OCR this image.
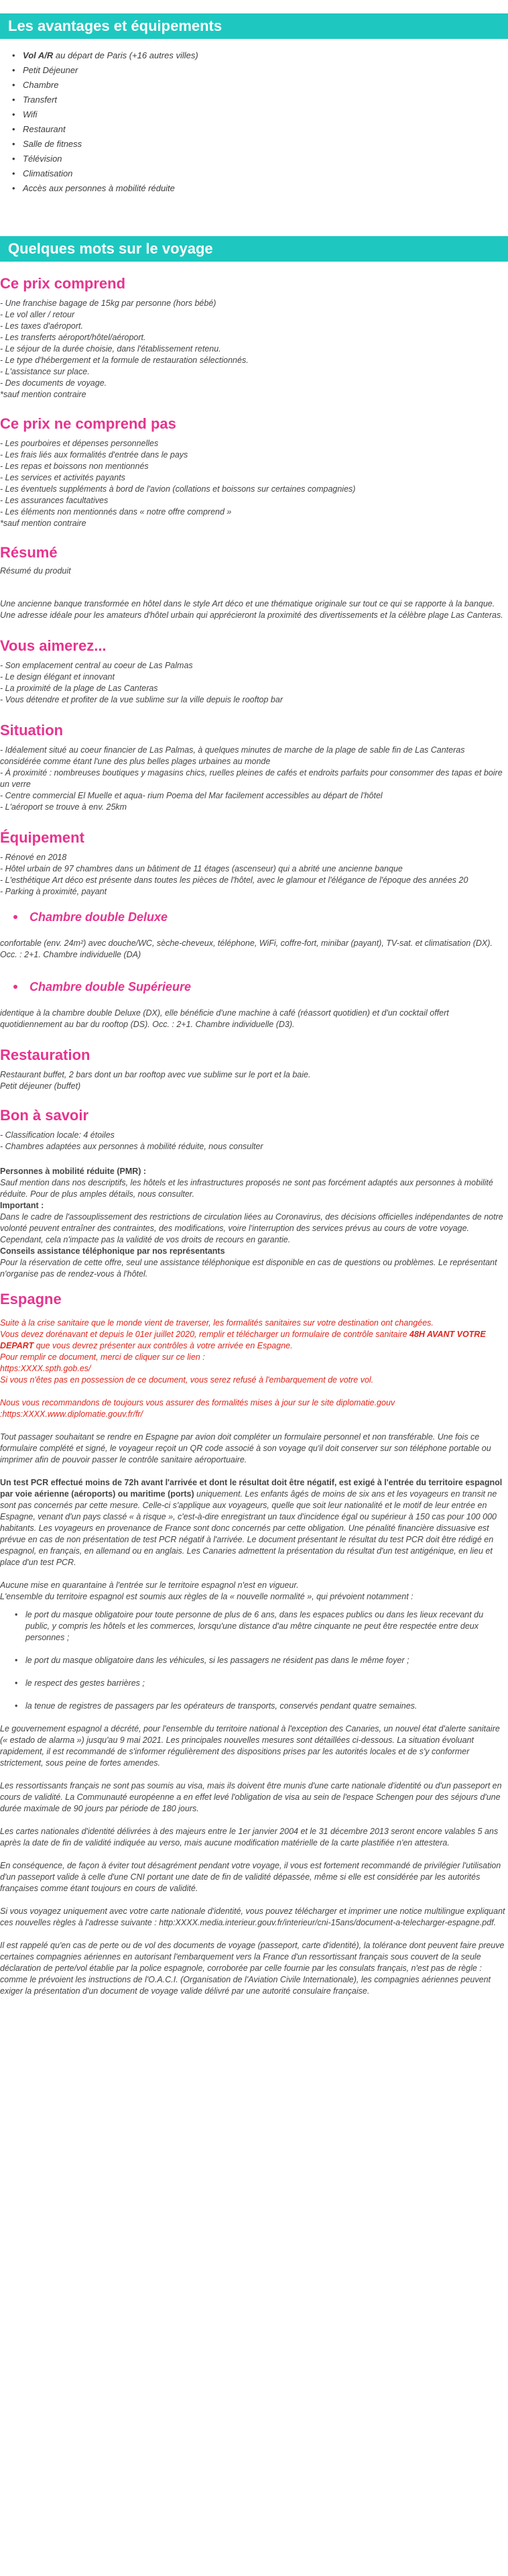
Les avantages et équipements
• Vol A/R au départ de Paris (+16 autres villes)
• Petit Déjeuner
• Chambre
• Transfert
• Wifi
• Restaurant
• Salle de fitness
• Télévision
• Climatisation
• Accès aux personnes à mobilité réduite
Quelques mots sur le voyage
Ce prix comprend
- Une franchise bagage de 15kg par personne (hors bébé)
- Le vol aller / retour
- Les taxes d'aéroport.
- Les transferts aéroport/hôtel/aéroport.
- Le séjour de la durée choisie, dans l'établissement retenu.
- Le type d'hébergement et la formule de restauration sélectionnés.
- L'assistance sur place.
- Des documents de voyage.
*sauf mention contraire
Ce prix ne comprend pas
- Les pourboires et dépenses personnelles
- Les frais liés aux formalités d'entrée dans le pays
- Les repas et boissons non mentionnés
- Les services et activités payants
- Les éventuels suppléments à bord de l'avion (collations et boissons sur certaines compagnies)
- Les assurances facultatives
- Les éléments non mentionnés dans « notre offre comprend »
*sauf mention contraire
Résumé
Résumé du produit

Une ancienne banque transformée en hôtel dans le style Art déco et une thématique originale sur tout ce qui se rapporte à la banque. Une adresse idéale pour les amateurs d'hôtel urbain qui apprécieront la proximité des divertissements et la célèbre plage Las Canteras.

Vous aimerez...
- Son emplacement central au coeur de Las Palmas
- Le design élégant et innovant
- La proximité de la plage de Las Canteras
- Vous détendre et profiter de la vue sublime sur la ville depuis le rooftop bar
Situation
- Idéalement situé au coeur financier de Las Palmas, à quelques minutes de marche de la plage de sable fin de Las Canteras considérée comme étant l'une des plus belles plages urbaines au monde
- À proximité : nombreuses boutiques y magasins chics, ruelles pleines de cafés et endroits parfaits pour consommer des tapas et boire un verre
- Centre commercial El Muelle et aqua- rium Poema del Mar facilement accessibles au départ de l'hôtel
- L'aéroport se trouve à env. 25km
Équipement
- Rénové en 2018
- Hôtel urbain de 97 chambres dans un bâtiment de 11 étages (ascenseur) qui a abrité une ancienne banque
- L'esthétique Art déco est présente dans toutes les pièces de l'hôtel, avec le glamour et l'élégance de l'époque des années 20
- Parking à proximité, payant
Chambre double Deluxe

confortable (env. 24m²) avec douche/WC, sèche-cheveux, téléphone, WiFi, coffre-fort, minibar (payant), TV-sat. et climatisation (DX). Occ. : 2+1. Chambre individuelle (DA)

Chambre double Supérieure

identique à la chambre double Deluxe (DX), elle bénéficie d'une machine à café (réassort quotidien) et d'un cocktail offert quotidiennement au bar du rooftop (DS). Occ. : 2+1. Chambre individuelle (D3).

Restauration
Restaurant buffet, 2 bars dont un bar rooftop avec vue sublime sur le port et la baie.
Petit déjeuner (buffet)
Bon à savoir
- Classification locale: 4 étoiles
- Chambres adaptées aux personnes à mobilité réduite, nous consulter
Personnes à mobilité réduite (PMR) :

Sauf mention dans nos descriptifs, les hôtels et les infrastructures proposés ne sont pas forcément adaptés aux personnes à mobilité réduite. Pour de plus amples détails, nous consulter.

Important :

Dans le cadre de l'assouplissement des restrictions de circulation liées au Coronavirus, des décisions officielles indépendantes de notre volonté peuvent entraîner des contraintes, des modifications, voire l'interruption des services prévus au cours de votre voyage.

Cependant, cela n'impacte pas la validité de vos droits de recours en garantie.

Conseils assistance téléphonique par nos représentants

Pour la réservation de cette offre, seul une assistance téléphonique est disponible en cas de questions ou problèmes. Le représentant n'organise pas de rendez-vous à l'hôtel.

Espagne

Suite à la crise sanitaire que le monde vient de traverser, les formalités sanitaires sur votre destination ont changées.

Vous devez dorénavant et depuis le 01er juillet 2020, remplir et télécharger un formulaire de contrôle sanitaire 48H AVANT VOTRE DEPART que vous devrez présenter aux contrôles à votre arrivée en Espagne.

Pour remplir ce document, merci de cliquer sur ce lien :

https:XXXX.spth.gob.es/

Si vous n'êtes pas en possession de ce document, vous serez refusé à l'embarquement de votre vol.

Nous vous recommandons de toujours vous assurer des formalités mises à jour sur le site diplomatie.gouv :https:XXXX.www.diplomatie.gouv.fr/fr/

Tout passager souhaitant se rendre en Espagne par avion doit compléter un formulaire personnel et non transférable. Une fois ce formulaire complété et signé, le voyageur reçoit un QR code associé à son voyage qu'il doit conserver sur son téléphone portable ou imprimer afin de pouvoir passer le contrôle sanitaire aéroportuaire.

Un test PCR effectué moins de 72h avant l'arrivée et dont le résultat doit être négatif, est exigé à l'entrée du territoire espagnol par voie aérienne (aéroports) ou maritime (ports) uniquement. Les enfants âgés de moins de six ans et les voyageurs en transit ne sont pas concernés par cette mesure. Celle-ci s'applique aux voyageurs, quelle que soit leur nationalité et le motif de leur entrée en Espagne, venant d'un pays classé « à risque », c'est-à-dire enregistrant un taux d'incidence égal ou supérieur à 150 cas pour 100 000 habitants. Les voyageurs en provenance de France sont donc concernés par cette obligation. Une pénalité financière dissuasive est prévue en cas de non présentation de test PCR négatif à l'arrivée. Le document présentant le résultat du test PCR doit être rédigé en espagnol, en français, en allemand ou en anglais. Les Canaries admettent la présentation du résultat d'un test antigénique, en lieu et place d'un test PCR.

Aucune mise en quarantaine à l'entrée sur le territoire espagnol n'est en vigueur.

L'ensemble du territoire espagnol est soumis aux règles de la « nouvelle normalité », qui prévoient notamment :

• le port du masque obligatoire pour toute personne de plus de 6 ans, dans les espaces publics ou dans les lieux recevant du public, y compris les hôtels et les commerces, lorsqu'une distance d'au mêtre cinquante ne peut être respectée entre deux personnes ;
• le port du masque obligatoire dans les véhicules, si les passagers ne résident pas dans le même foyer ;
• le respect des gestes barrières ;
• la tenue de registres de passagers par les opérateurs de transports, conservés pendant quatre semaines.

Le gouvernement espagnol a décrété, pour l'ensemble du territoire national à l'exception des Canaries, un nouvel état d'alerte sanitaire (« estado de alarma ») jusqu'au 9 mai 2021. Les principales nouvelles mesures sont détaillées ci-dessous. La situation évoluant rapidement, il est recommandé de s'informer régulièrement des dispositions prises par les autorités locales et de s'y conformer strictement, sous peine de fortes amendes.

Les ressortissants français ne sont pas soumis au visa, mais ils doivent être munis d'une carte nationale d'identité ou d'un passeport en cours de validité. La Communauté européenne a en effet levé l'obligation de visa au sein de l'espace Schengen pour des séjours d'une durée maximale de 90 jours par période de 180 jours.

Les cartes nationales d'identité délivrées à des majeurs entre le 1er janvier 2004 et le 31 décembre 2013 seront encore valables 5 ans après la date de fin de validité indiquée au verso, mais aucune modification matérielle de la carte plastifiée n'en attestera.

En conséquence, de façon à éviter tout désagrément pendant votre voyage, il vous est fortement recommandé de privilégier l'utilisation d'un passeport valide à celle d'une CNI portant une date de fin de validité dépassée, même si elle est considérée par les autorités françaises comme étant toujours en cours de validité.

Si vous voyagez uniquement avec votre carte nationale d'identité, vous pouvez télécharger et imprimer une notice multilingue expliquant ces nouvelles règles à l'adresse suivante : http:XXXX.media.interieur.gouv.fr/interieur/cni-15ans/document-a-telecharger-espagne.pdf.

Il est rappelé qu'en cas de perte ou de vol des documents de voyage (passeport, carte d'identité), la tolérance dont peuvent faire preuve certaines compagnies aériennes en autorisant l'embarquement vers la France d'un ressortissant français sous couvert de la seule déclaration de perte/vol établie par la police espagnole, corroborée par celle fournie par les consulats français, n'est pas de règle : comme le prévoient les instructions de l'O.A.C.I. (Organisation de l'Aviation Civile Internationale), les compagnies aériennes peuvent exiger la présentation d'un document de voyage valide délivré par une autorité consulaire française.
